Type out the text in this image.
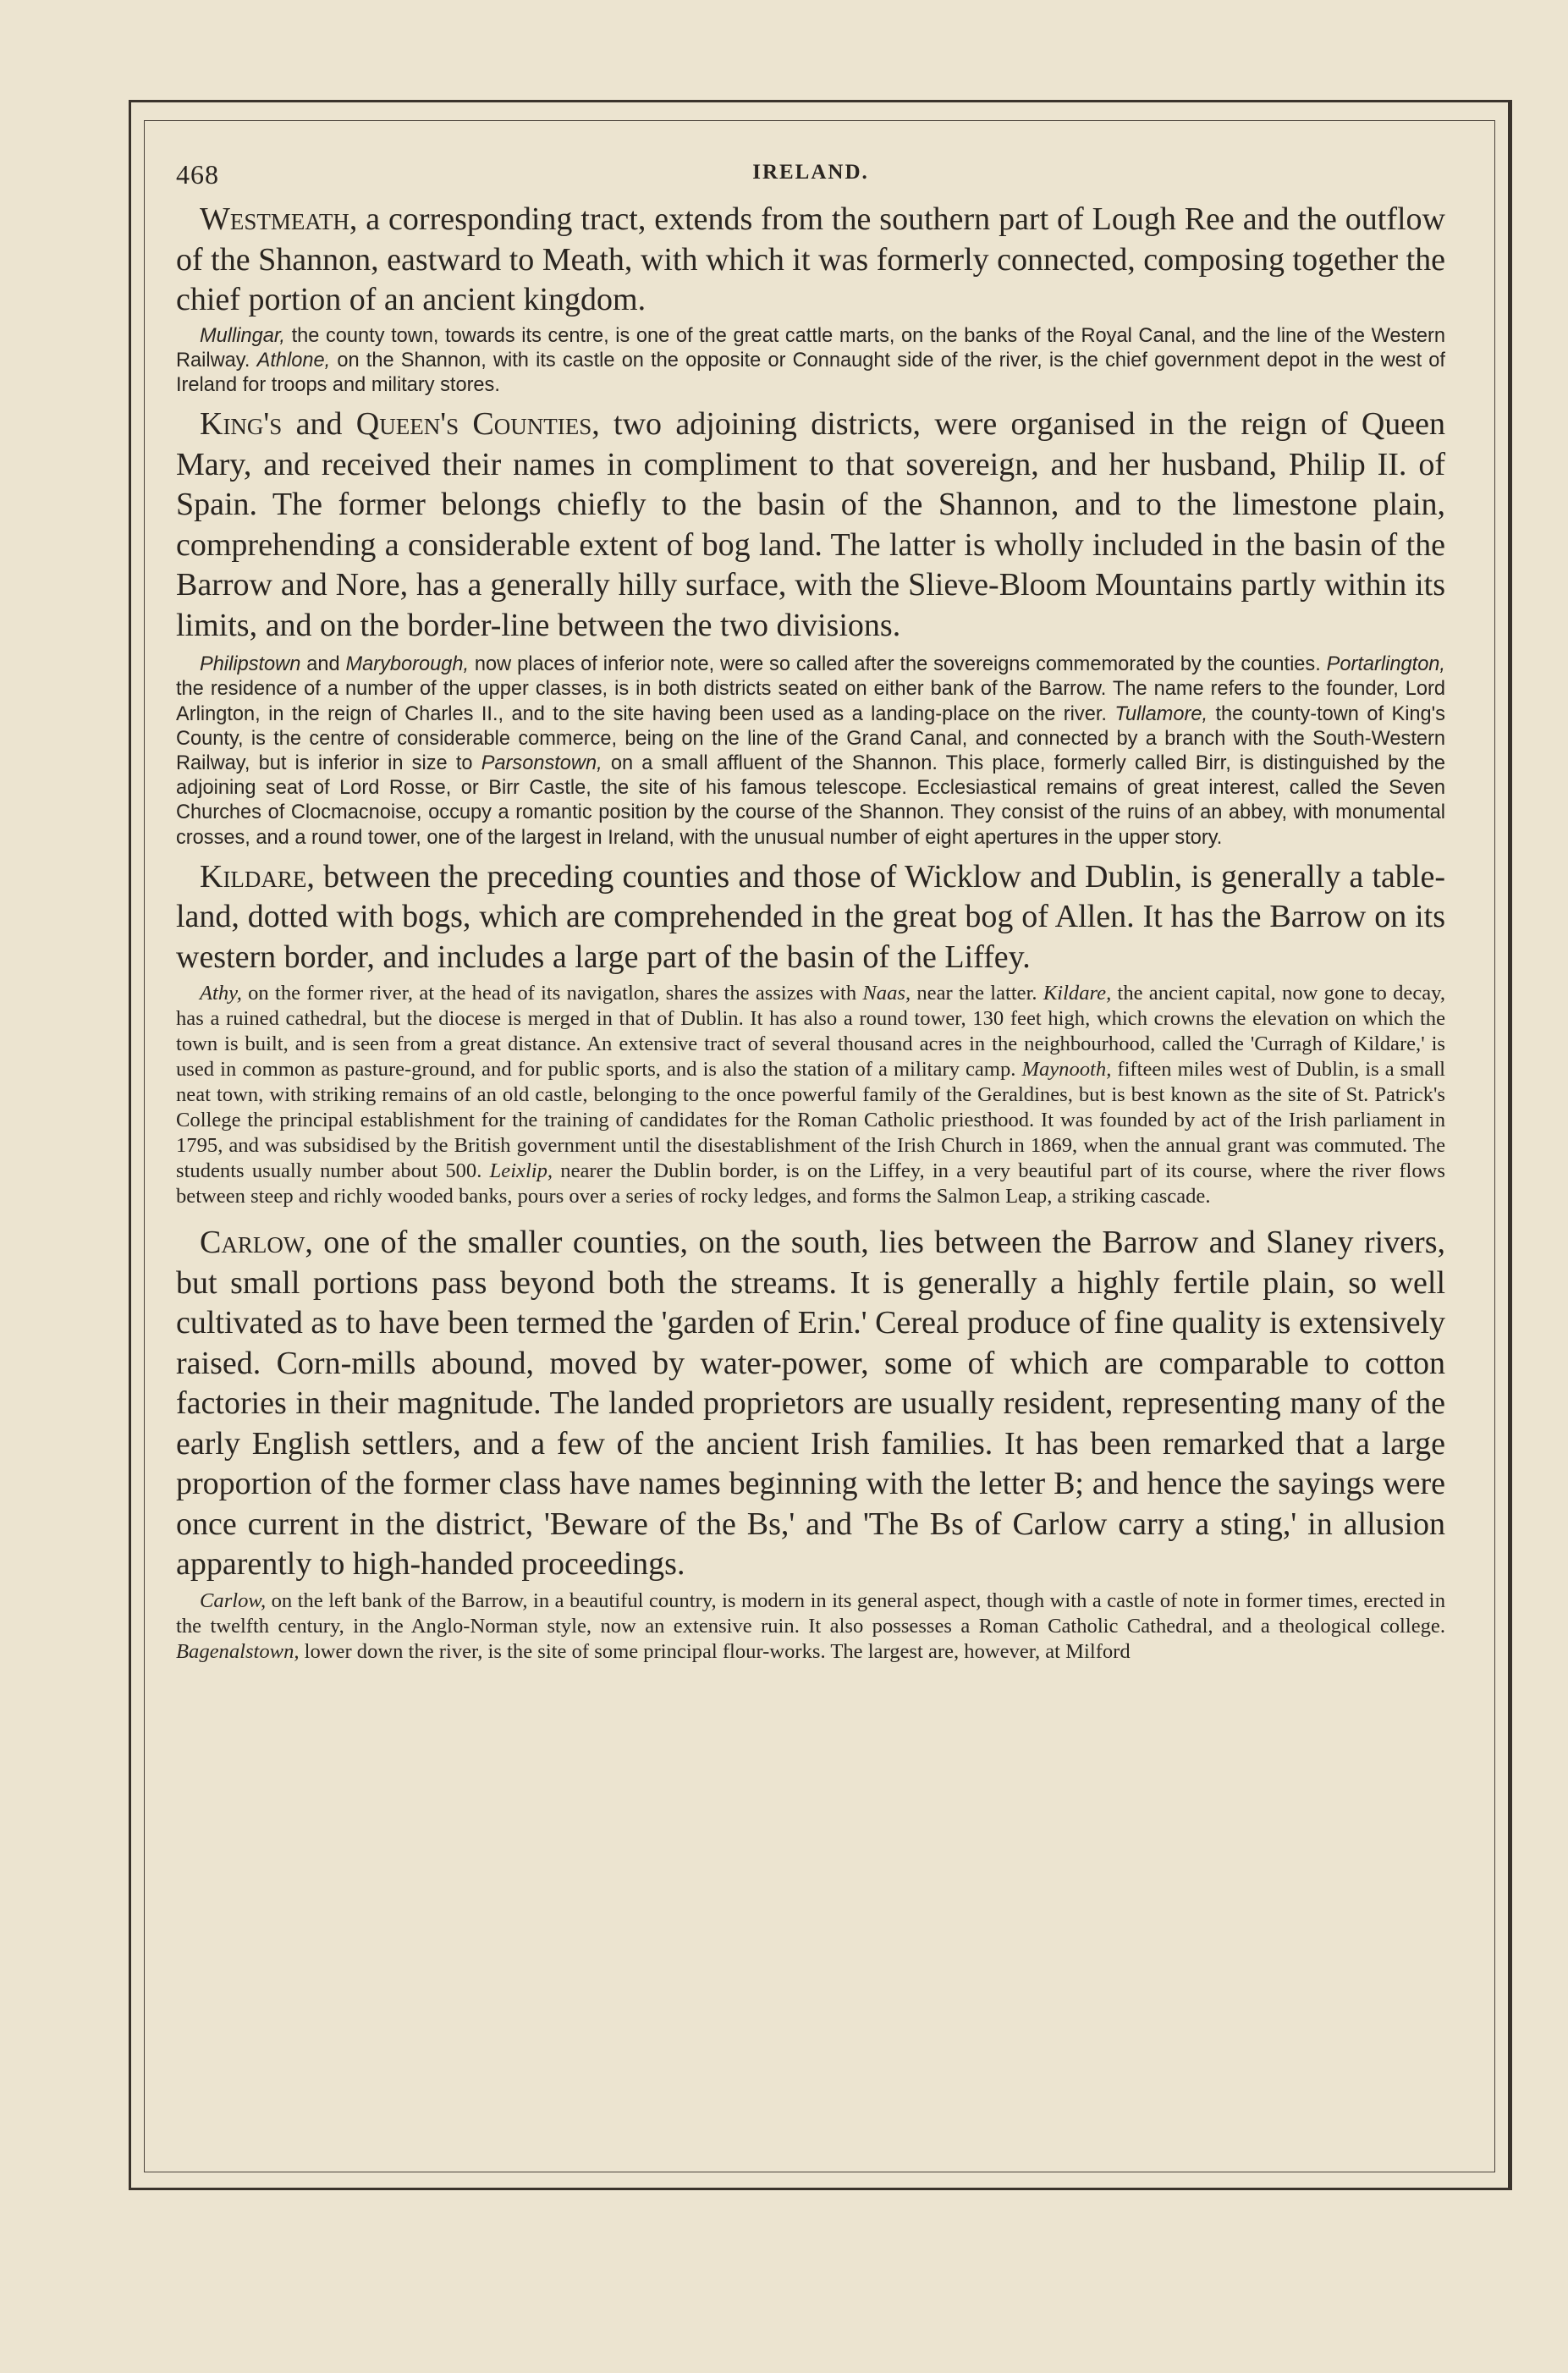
468	IRELAND.

Westmeath, a corresponding tract, extends from the southern part of Lough Ree and the outflow of the Shannon, eastward to Meath, with which it was formerly connected, composing together the chief portion of an ancient kingdom.

Mullingar, the county town, towards its centre, is one of the great cattle marts, on the banks of the Royal Canal, and the line of the Western Railway. Athlone, on the Shannon, with its castle on the opposite or Connaught side of the river, is the chief government depot in the west of Ireland for troops and military stores.

King's and Queen's Counties, two adjoining districts, were organised in the reign of Queen Mary, and received their names in compliment to that sovereign, and her husband, Philip II. of Spain. The former belongs chiefly to the basin of the Shannon, and to the limestone plain, comprehending a considerable extent of bog land. The latter is wholly included in the basin of the Barrow and Nore, has a generally hilly surface, with the Slieve-Bloom Mountains partly within its limits, and on the border-line between the two divisions.

Philipstown and Maryborough, now places of inferior note, were so called after the sovereigns commemorated by the counties. Portarlington, the residence of a number of the upper classes, is in both districts seated on either bank of the Barrow. The name refers to the founder, Lord Arlington, in the reign of Charles II., and to the site having been used as a landing-place on the river. Tullamore, the county-town of King's County, is the centre of considerable commerce, being on the line of the Grand Canal, and connected by a branch with the South-Western Railway, but is inferior in size to Parsonstown, on a small affluent of the Shannon. This place, formerly called Birr, is distinguished by the adjoining seat of Lord Rosse, or Birr Castle, the site of his famous telescope. Ecclesiastical remains of great interest, called the Seven Churches of Clocmacnoise, occupy a romantic position by the course of the Shannon. They consist of the ruins of an abbey, with monumental crosses, and a round tower, one of the largest in Ireland, with the unusual number of eight apertures in the upper story.

Kildare, between the preceding counties and those of Wicklow and Dublin, is generally a table-land, dotted with bogs, which are comprehended in the great bog of Allen. It has the Barrow on its western border, and includes a large part of the basin of the Liffey.

Athy, on the former river, at the head of its navigatlon, shares the assizes with Naas, near the latter. Kildare, the ancient capital, now gone to decay, has a ruined cathedral, but the diocese is merged in that of Dublin. It has also a round tower, 130 feet high, which crowns the elevation on which the town is built, and is seen from a great distance. An extensive tract of several thousand acres in the neighbourhood, called the 'Curragh of Kildare,' is used in common as pasture-ground, and for public sports, and is also the station of a military camp. Maynooth, fifteen miles west of Dublin, is a small neat town, with striking remains of an old castle, belonging to the once powerful family of the Geraldines, but is best known as the site of St. Patrick's College the principal establishment for the training of candidates for the Roman Catholic priesthood. It was founded by act of the Irish parliament in 1795, and was subsidised by the British government until the disestablishment of the Irish Church in 1869, when the annual grant was commuted. The students usually number about 500. Leixlip, nearer the Dublin border, is on the Liffey, in a very beautiful part of its course, where the river flows between steep and richly wooded banks, pours over a series of rocky ledges, and forms the Salmon Leap, a striking cascade.

Carlow, one of the smaller counties, on the south, lies between the Barrow and Slaney rivers, but small portions pass beyond both the streams. It is generally a highly fertile plain, so well cultivated as to have been termed the 'garden of Erin.' Cereal produce of fine quality is extensively raised. Corn-mills abound, moved by water-power, some of which are comparable to cotton factories in their magnitude. The landed proprietors are usually resident, representing many of the early English settlers, and a few of the ancient Irish families. It has been remarked that a large proportion of the former class have names beginning with the letter B; and hence the sayings were once current in the district, 'Beware of the Bs,' and 'The Bs of Carlow carry a sting,' in allusion apparently to high-handed proceedings.

Carlow, on the left bank of the Barrow, in a beautiful country, is modern in its general aspect, though with a castle of note in former times, erected in the twelfth century, in the Anglo-Norman style, now an extensive ruin. It also possesses a Roman Catholic Cathedral, and a theological college. Bagenalstown, lower down the river, is the site of some principal flour-works. The largest are, however, at Milford
